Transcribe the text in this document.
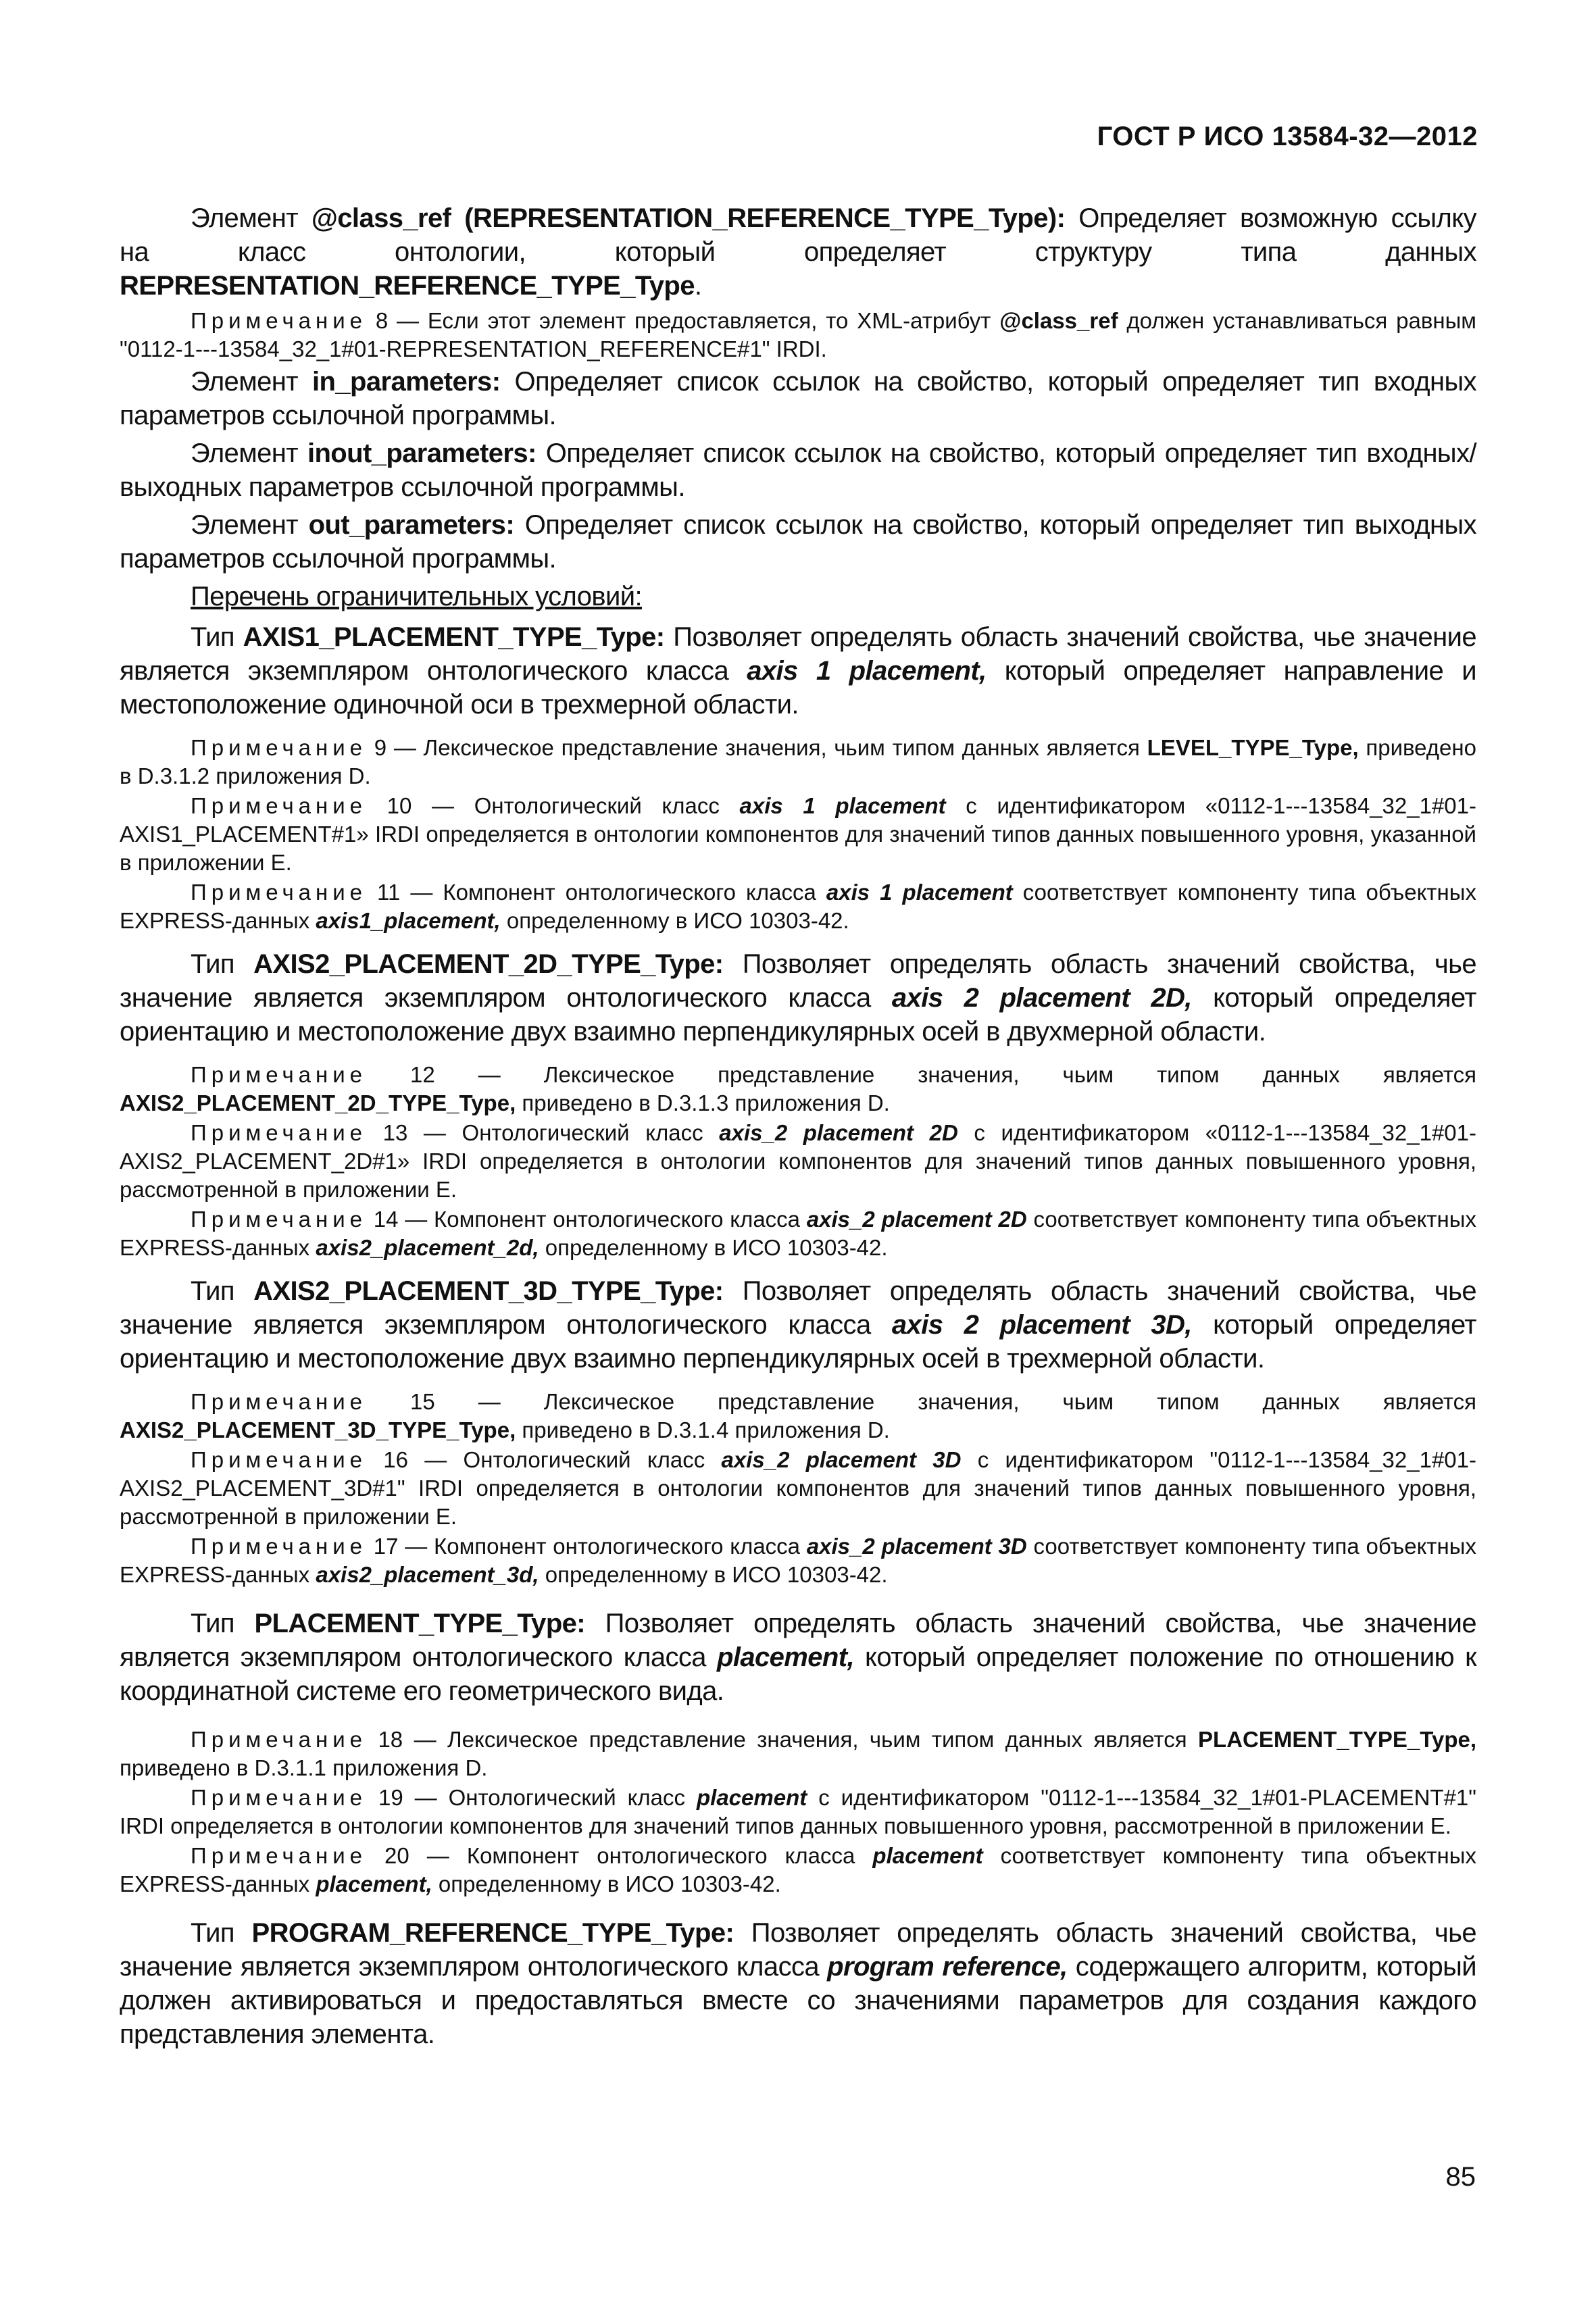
ГОСТ Р ИСО 13584-32—2012

Элемент @class_ref (REPRESENTATION_REFERENCE_TYPE_Type): Определяет возможную ссылку на класс онтологии, который определяет структуру типа данных REPRESENTATION_REFERENCE_TYPE_Type.

Примечание 8 — Если этот элемент предоставляется, то XML-атрибут @class_ref должен устанавливаться равным "0112-1---13584_32_1#01-REPRESENTATION_REFERENCE#1" IRDI.

Элемент in_parameters: Определяет список ссылок на свойство, который определяет тип входных параметров ссылочной программы.

Элемент inout_parameters: Определяет список ссылок на свойство, который определяет тип входных/выходных параметров ссылочной программы.

Элемент out_parameters: Определяет список ссылок на свойство, который определяет тип выходных параметров ссылочной программы.

Перечень ограничительных условий:

Тип AXIS1_PLACEMENT_TYPE_Type: Позволяет определять область значений свойства, чье значение является экземпляром онтологического класса axis 1 placement, который определяет направление и местоположение одиночной оси в трехмерной области.

Примечание 9 — Лексическое представление значения, чьим типом данных является LEVEL_TYPE_Type, приведено в D.3.1.2 приложения D.

Примечание 10 — Онтологический класс axis 1 placement с идентификатором «0112-1---13584_32_1#01-AXIS1_PLACEMENT#1» IRDI определяется в онтологии компонентов для значений типов данных повышенного уровня, указанной в приложении E.

Примечание 11 — Компонент онтологического класса axis 1 placement соответствует компоненту типа объектных EXPRESS-данных axis1_placement, определенному в ИСО 10303-42.

Тип AXIS2_PLACEMENT_2D_TYPE_Type: Позволяет определять область значений свойства, чье значение является экземпляром онтологического класса axis 2 placement 2D, который определяет ориентацию и местоположение двух взаимно перпендикулярных осей в двухмерной области.

Примечание 12 — Лексическое представление значения, чьим типом данных является AXIS2_PLACEMENT_2D_TYPE_Type, приведено в D.3.1.3 приложения D.

Примечание 13 — Онтологический класс axis_2 placement 2D с идентификатором «0112-1---13584_32_1#01-AXIS2_PLACEMENT_2D#1» IRDI определяется в онтологии компонентов для значений типов данных повышенного уровня, рассмотренной в приложении E.

Примечание 14 — Компонент онтологического класса axis_2 placement 2D соответствует компоненту типа объектных EXPRESS-данных axis2_placement_2d, определенному в ИСО 10303-42.

Тип AXIS2_PLACEMENT_3D_TYPE_Type: Позволяет определять область значений свойства, чье значение является экземпляром онтологического класса axis 2 placement 3D, который определяет ориентацию и местоположение двух взаимно перпендикулярных осей в трехмерной области.

Примечание 15 — Лексическое представление значения, чьим типом данных является AXIS2_PLACEMENT_3D_TYPE_Type, приведено в D.3.1.4 приложения D.

Примечание 16 — Онтологический класс axis_2 placement 3D с идентификатором "0112-1---13584_32_1#01-AXIS2_PLACEMENT_3D#1" IRDI определяется в онтологии компонентов для значений типов данных повышенного уровня, рассмотренной в приложении E.

Примечание 17 — Компонент онтологического класса axis_2 placement 3D соответствует компоненту типа объектных EXPRESS-данных axis2_placement_3d, определенному в ИСО 10303-42.

Тип PLACEMENT_TYPE_Type: Позволяет определять область значений свойства, чье значение является экземпляром онтологического класса placement, который определяет положение по отношению к координатной системе его геометрического вида.

Примечание 18 — Лексическое представление значения, чьим типом данных является PLACEMENT_TYPE_Type, приведено в D.3.1.1 приложения D.

Примечание 19 — Онтологический класс placement с идентификатором "0112-1---13584_32_1#01-PLACEMENT#1" IRDI определяется в онтологии компонентов для значений типов данных повышенного уровня, рассмотренной в приложении E.

Примечание 20 — Компонент онтологического класса placement соответствует компоненту типа объектных EXPRESS-данных placement, определенному в ИСО 10303-42.

Тип PROGRAM_REFERENCE_TYPE_Type: Позволяет определять область значений свойства, чье значение является экземпляром онтологического класса program reference, содержащего алгоритм, который должен активироваться и предоставляться вместе со значениями параметров для создания каждого представления элемента.

85
